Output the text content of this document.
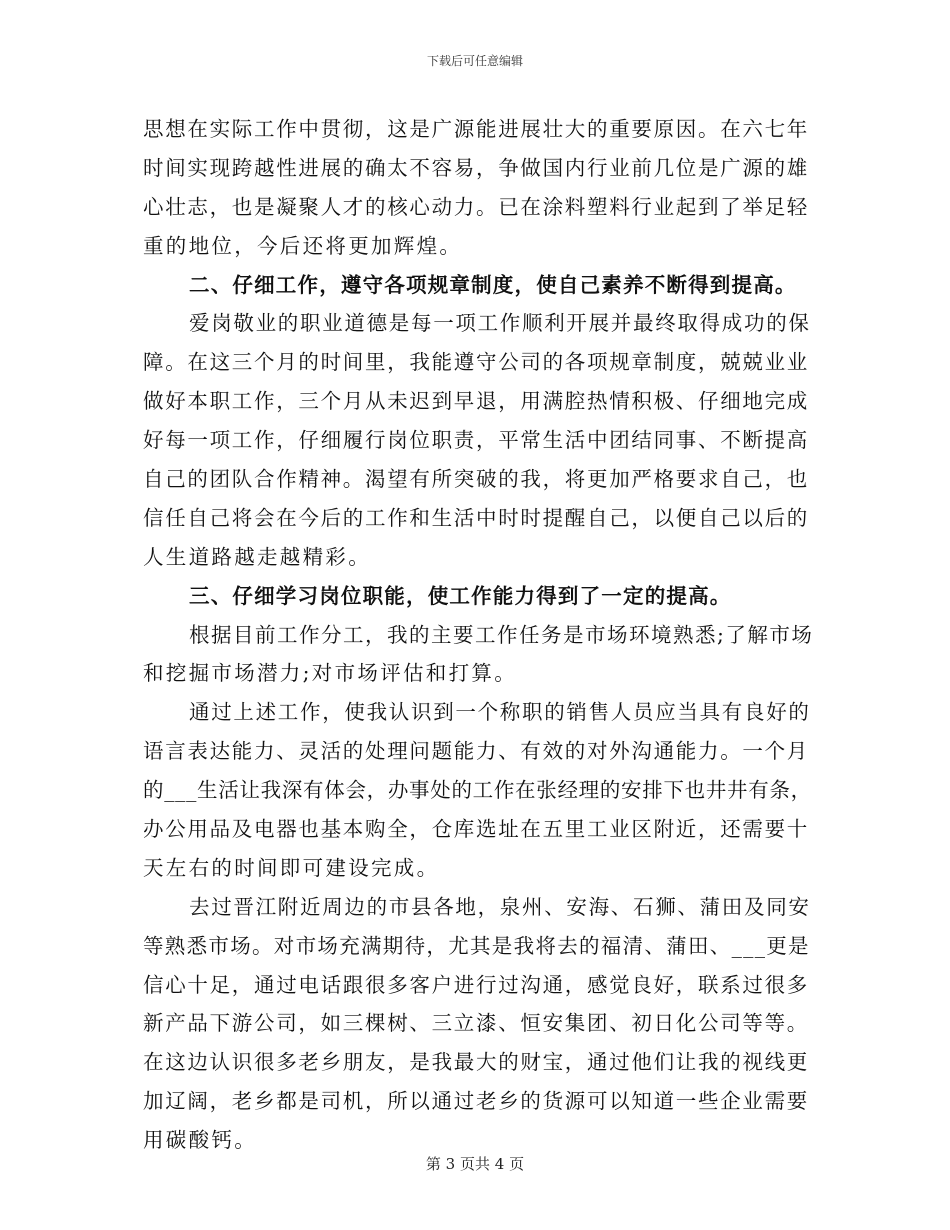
下载后可任意编辑
思想在实际工作中贯彻，这是广源能进展壮大的重要原因。在六七年
时间实现跨越性进展的确太不容易，争做国内行业前几位是广源的雄
心壮志，也是凝聚人才的核心动力。已在涂料塑料行业起到了举足轻
重的地位，今后还将更加辉煌。
二、仔细工作，遵守各项规章制度，使自己素养不断得到提高。
爱岗敬业的职业道德是每一项工作顺利开展并最终取得成功的保
障。在这三个月的时间里，我能遵守公司的各项规章制度，兢兢业业
做好本职工作，三个月从未迟到早退，用满腔热情积极、仔细地完成
好每一项工作，仔细履行岗位职责，平常生活中团结同事、不断提高
自己的团队合作精神。渴望有所突破的我，将更加严格要求自己，也
信任自己将会在今后的工作和生活中时时提醒自己，以便自己以后的
人生道路越走越精彩。
三、仔细学习岗位职能，使工作能力得到了一定的提高。
根据目前工作分工，我的主要工作任务是市场环境熟悉;了解市场
和挖掘市场潜力;对市场评估和打算。
通过上述工作，使我认识到一个称职的销售人员应当具有良好的
语言表达能力、灵活的处理问题能力、有效的对外沟通能力。一个月
的___生活让我深有体会，办事处的工作在张经理的安排下也井井有条，
办公用品及电器也基本购全，仓库选址在五里工业区附近，还需要十
天左右的时间即可建设完成。
去过晋江附近周边的市县各地，泉州、安海、石狮、蒲田及同安
等熟悉市场。对市场充满期待，尤其是我将去的福清、蒲田、___更是
信心十足，通过电话跟很多客户进行过沟通，感觉良好，联系过很多
新产品下游公司，如三棵树、三立漆、恒安集团、初日化公司等等。
在这边认识很多老乡朋友，是我最大的财宝，通过他们让我的视线更
加辽阔，老乡都是司机，所以通过老乡的货源可以知道一些企业需要
用碳酸钙。
第 3 页共 4 页
